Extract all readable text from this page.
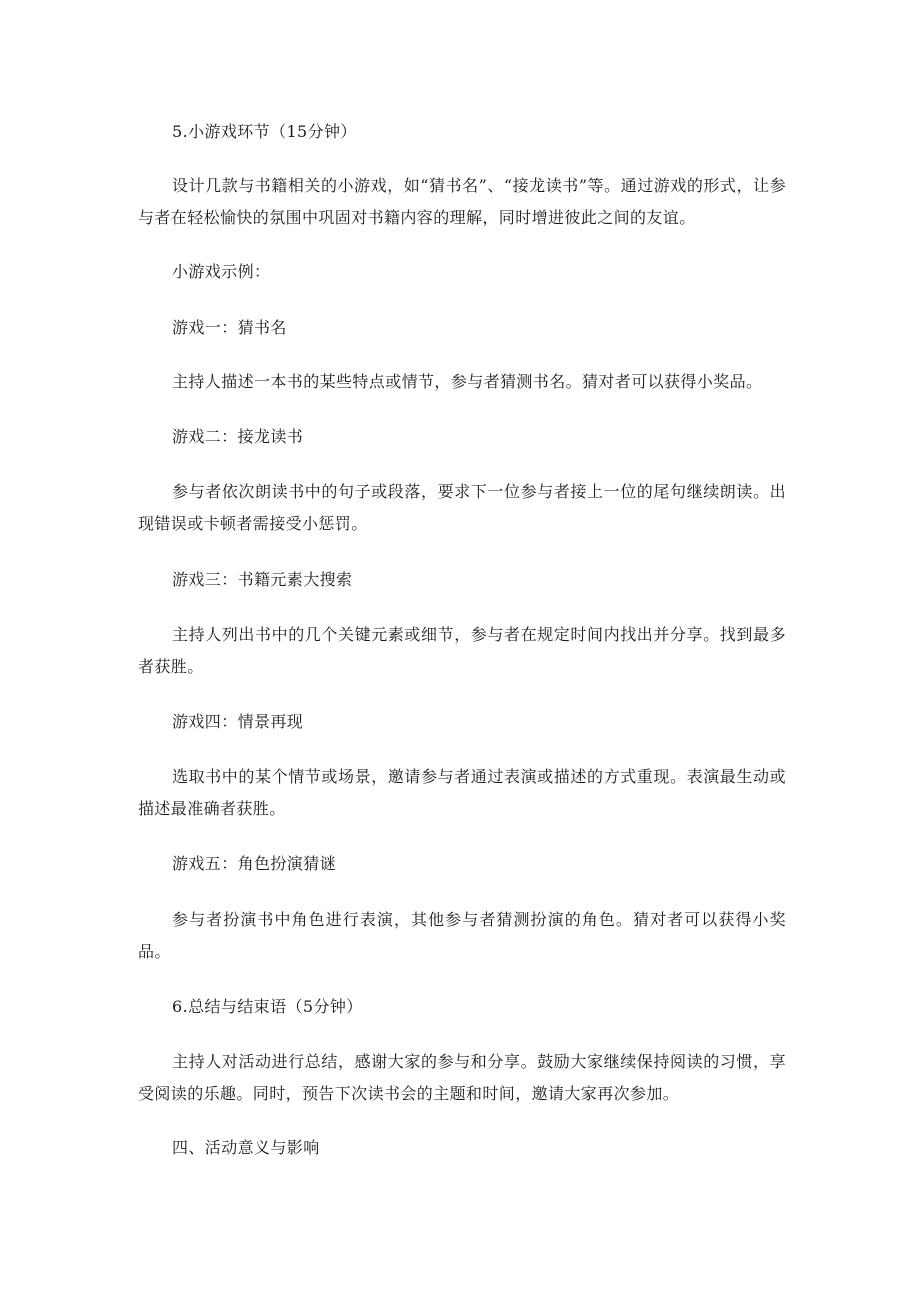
5.小游戏环节（15分钟）

设计几款与书籍相关的小游戏，如“猜书名”、“接龙读书”等。通过游戏的形式，让参与者在轻松愉快的氛围中巩固对书籍内容的理解，同时增进彼此之间的友谊。

小游戏示例：

游戏一：猜书名

主持人描述一本书的某些特点或情节，参与者猜测书名。猜对者可以获得小奖品。

游戏二：接龙读书

参与者依次朗读书中的句子或段落，要求下一位参与者接上一位的尾句继续朗读。出现错误或卡顿者需接受小惩罚。

游戏三：书籍元素大搜索

主持人列出书中的几个关键元素或细节，参与者在规定时间内找出并分享。找到最多者获胜。

游戏四：情景再现

选取书中的某个情节或场景，邀请参与者通过表演或描述的方式重现。表演最生动或描述最准确者获胜。

游戏五：角色扮演猜谜

参与者扮演书中角色进行表演，其他参与者猜测扮演的角色。猜对者可以获得小奖品。

6.总结与结束语（5分钟）

主持人对活动进行总结，感谢大家的参与和分享。鼓励大家继续保持阅读的习惯，享受阅读的乐趣。同时，预告下次读书会的主题和时间，邀请大家再次参加。

四、活动意义与影响
